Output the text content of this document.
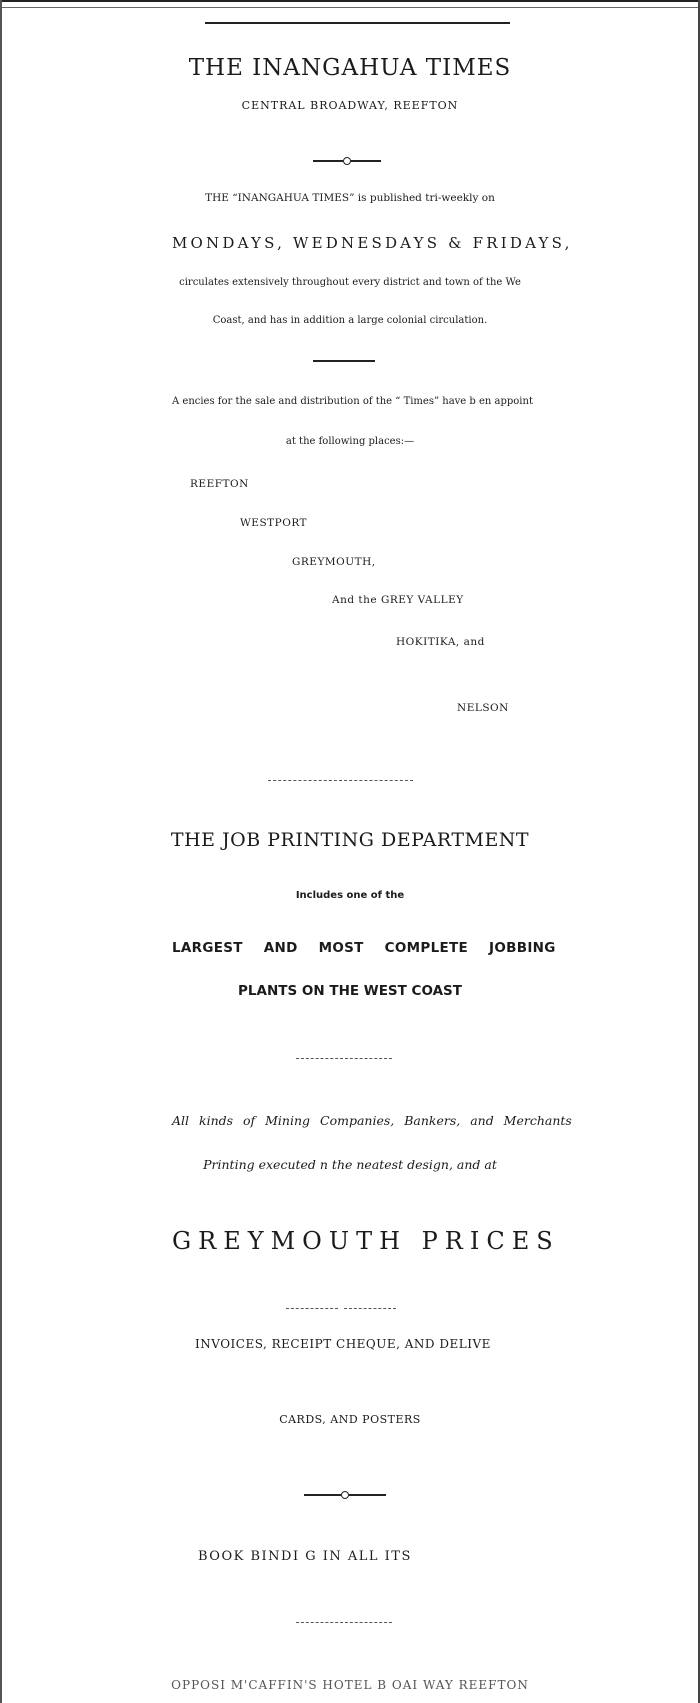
THE INANGAHUA TIMES
CENTRAL BROADWAY, REEFTON
THE “INANGAHUA TIMES” is published tri-weekly on
MONDAYS, WEDNESDAYS & FRIDAYS,
circulates extensively throughout every district and town of the We
Coast, and has in addition a large colonial circulation.
A encies for the sale and distribution of the “ Times” have b en appoint
at the following places:—
REEFTON
WESTPORT
GREYMOUTH,
And the GREY VALLEY
HOKITIKA, and
NELSON
THE JOB PRINTING DEPARTMENT
Includes one of the
LARGEST AND MOST COMPLETE JOBBING
PLANTS ON THE WEST COAST
All kinds of Mining Companies, Bankers, and Merchants
Printing executed n the neatest design, and at
GREYMOUTH PRICES
INVOICES, RECEIPT CHEQUE, AND DELIVE
CARDS, AND POSTERS
BOOK BINDI G IN ALL ITS
OPPOSI M'CAFFIN'S HOTEL B OAI WAY REEFTON
